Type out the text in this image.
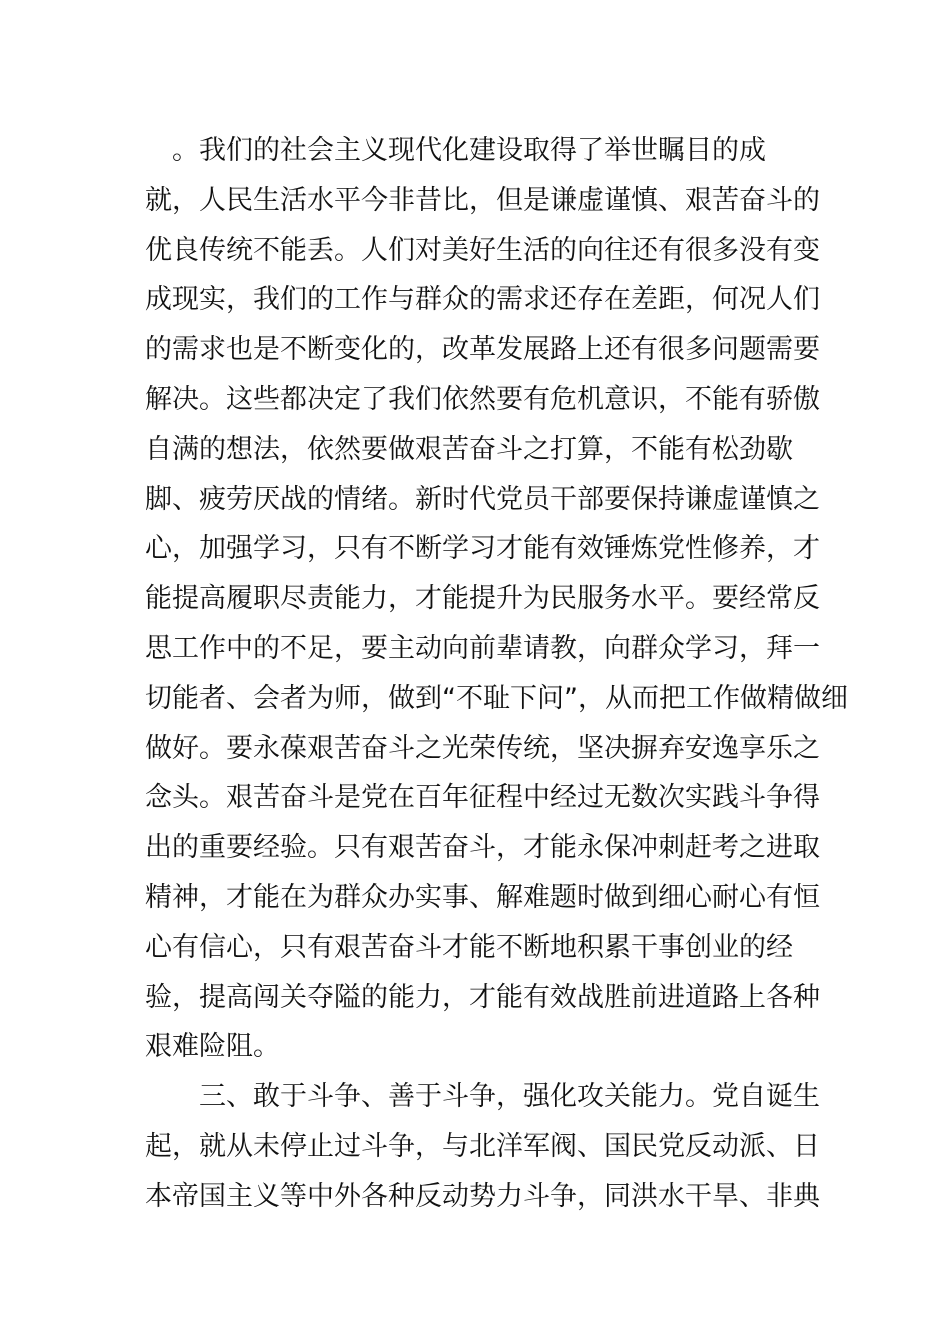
　。我们的社会主义现代化建设取得了举世瞩目的成
就，人民生活水平今非昔比，但是谦虚谨慎、艰苦奋斗的
优良传统不能丢。人们对美好生活的向往还有很多没有变
成现实，我们的工作与群众的需求还存在差距，何况人们
的需求也是不断变化的，改革发展路上还有很多问题需要
解决。这些都决定了我们依然要有危机意识，不能有骄傲
自满的想法，依然要做艰苦奋斗之打算，不能有松劲歇
脚、疲劳厌战的情绪。新时代党员干部要保持谦虚谨慎之
心，加强学习，只有不断学习才能有效锤炼党性修养，才
能提高履职尽责能力，才能提升为民服务水平。要经常反
思工作中的不足，要主动向前辈请教，向群众学习，拜一
切能者、会者为师，做到“不耻下问”，从而把工作做精做细
做好。要永葆艰苦奋斗之光荣传统，坚决摒弃安逸享乐之
念头。艰苦奋斗是党在百年征程中经过无数次实践斗争得
出的重要经验。只有艰苦奋斗，才能永保冲刺赶考之进取
精神，才能在为群众办实事、解难题时做到细心耐心有恒
心有信心，只有艰苦奋斗才能不断地积累干事创业的经
验，提高闯关夺隘的能力，才能有效战胜前进道路上各种
艰难险阻。
　　三、敢于斗争、善于斗争，强化攻关能力。党自诞生
起，就从未停止过斗争，与北洋军阀、国民党反动派、日
本帝国主义等中外各种反动势力斗争，同洪水干旱、非典
